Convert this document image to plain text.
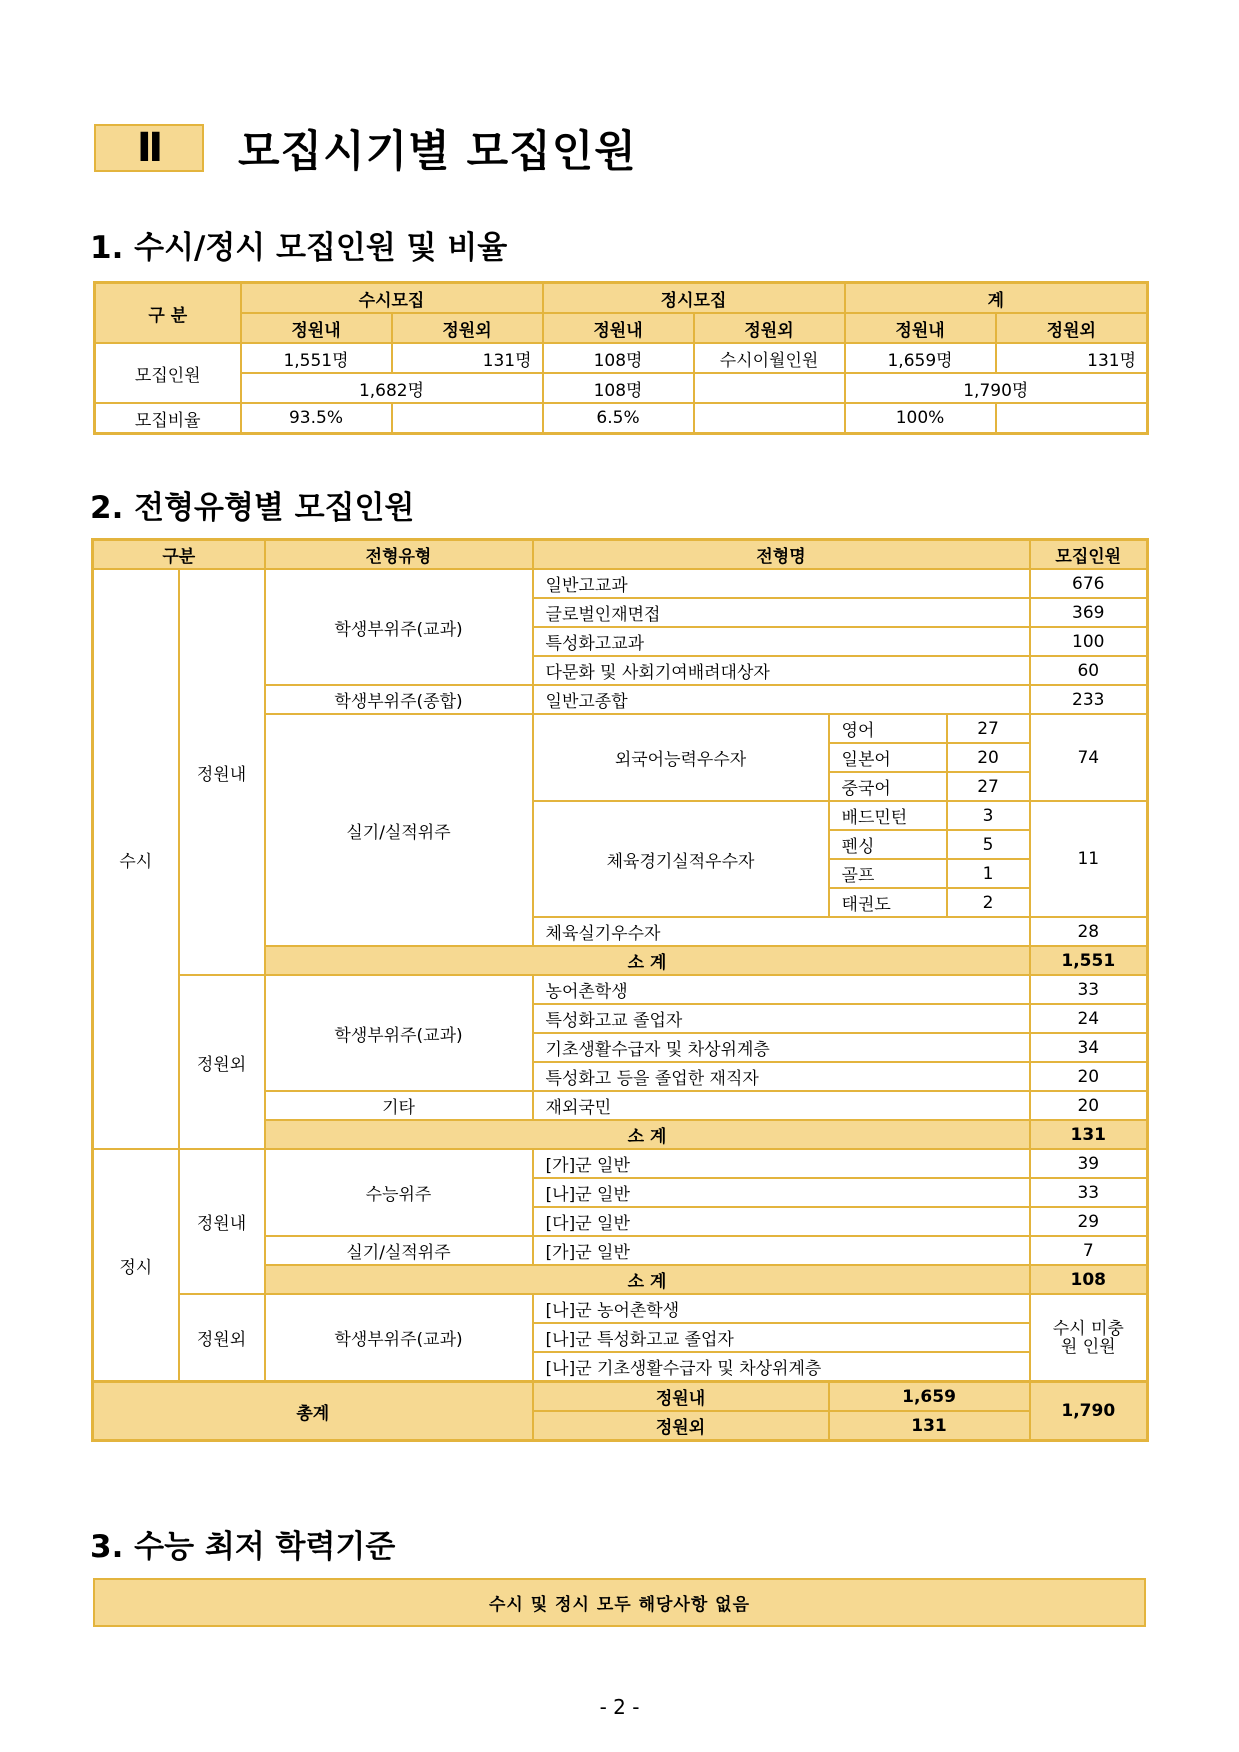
Ⅱ	모집시기별 모집인원
1. 수시/정시 모집인원 및 비율
구 분	수시모집		정시모집		계	
	정원내	정원외	정원내	정원외	정원내	정원외
모집인원	1,551명	131명	108명	수시이월인원	1,659명	131명
	1,682명		108명		1,790명	
모집비율	93.5%		6.5%		100%	
2. 전형유형별 모집인원
구분		전형유형	전형명			모집인원
수시	정원내	학생부위주(교과)	일반고교과			676
			글로벌인재면접			369
			특성화고교과			100
			다문화 및 사회기여배려대상자			60
		학생부위주(종합)	일반고종합			233
		실기/실적위주	외국어능력우수자	영어	27	74
				일본어	20	
				중국어	27	
			체육경기실적우수자	배드민턴	3	11
				펜싱	5	
				골프	1	
				태권도	2	
			체육실기우수자			28
		소 계				1,551
	정원외	학생부위주(교과)	농어촌학생			33
			특성화고교 졸업자			24
			기초생활수급자 및 차상위계층			34
			특성화고 등을 졸업한 재직자			20
		기타	재외국민			20
		소 계				131
정시	정원내	수능위주	[가]군 일반			39
			[나]군 일반			33
			[다]군 일반			29
		실기/실적위주	[가]군 일반			7
		소 계				108
	정원외	학생부위주(교과)	[나]군 농어촌학생			수시 미충원 인원
			[나]군 특성화고교 졸업자			
			[나]군 기초생활수급자 및 차상위계층			
총계			정원내	1,659		1,790
			정원외	131		
3. 수능 최저 학력기준
수시 및 정시 모두 해당사항 없음
- 2 -
